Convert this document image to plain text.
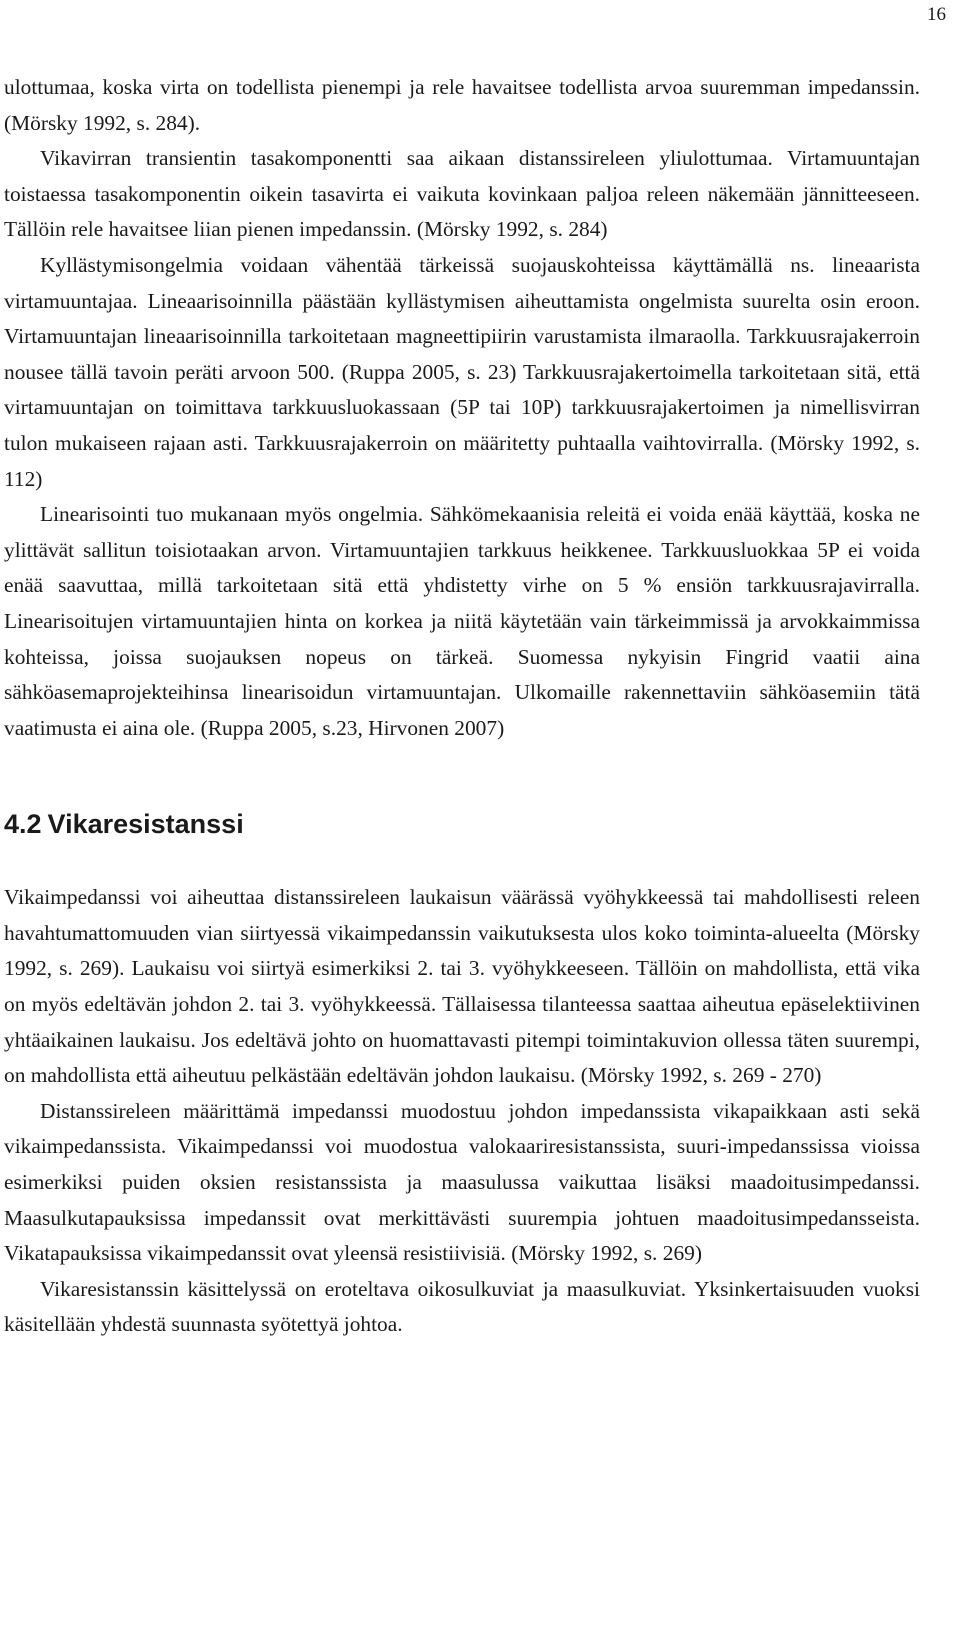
16

ulottumaa, koska virta on todellista pienempi ja rele havaitsee todellista arvoa suuremman impedanssin. (Mörsky 1992, s. 284).

Vikavirran transientin tasakomponentti saa aikaan distanssireleen yliulottumaa. Virtamuuntajan toistaessa tasakomponentin oikein tasavirta ei vaikuta kovinkaan paljoa releen näkemään jännitteeseen. Tällöin rele havaitsee liian pienen impedanssin. (Mörsky 1992, s. 284)

Kyllästymisongelmia voidaan vähentää tärkeissä suojauskohteissa käyttämällä ns. lineaarista virtamuuntajaa. Lineaarisoinnilla päästään kyllästymisen aiheuttamista ongelmista suurelta osin eroon. Virtamuuntajan lineaarisoinnilla tarkoitetaan magneettipiirin varustamista ilmaraolla. Tarkkuusrajakerroin nousee tällä tavoin peräti arvoon 500. (Ruppa 2005, s. 23) Tarkkuusrajakertoimella tarkoitetaan sitä, että virtamuuntajan on toimittava tarkkuusluokassaan (5P tai 10P) tarkkuusrajakertoimen ja nimellisvirran tulon mukaiseen rajaan asti. Tarkkuusrajakerroin on määritetty puhtaalla vaihtovirralla. (Mörsky 1992, s. 112)

Linearisointi tuo mukanaan myös ongelmia. Sähkömekaanisia releitä ei voida enää käyttää, koska ne ylittävät sallitun toisiotaakan arvon. Virtamuuntajien tarkkuus heikkenee. Tarkkuusluokkaa 5P ei voida enää saavuttaa, millä tarkoitetaan sitä että yhdistetty virhe on 5 % ensiön tarkkuusrajavirralla. Linearisoitujen virtamuuntajien hinta on korkea ja niitä käytetään vain tärkeimmissä ja arvokkaimmissa kohteissa, joissa suojauksen nopeus on tärkeä. Suomessa nykyisin Fingrid vaatii aina sähköasemaprojekteihinsa linearisoidun virtamuuntajan. Ulkomaille rakennettaviin sähköasemiin tätä vaatimusta ei aina ole. (Ruppa 2005, s.23, Hirvonen 2007)

4.2 Vikaresistanssi

Vikaimpedanssi voi aiheuttaa distanssireleen laukaisun väärässä vyöhykkeessä tai mahdollisesti releen havahtumattomuuden vian siirtyessä vikaimpedanssin vaikutuksesta ulos koko toiminta-alueelta (Mörsky 1992, s. 269). Laukaisu voi siirtyä esimerkiksi 2. tai 3. vyöhykkeeseen. Tällöin on mahdollista, että vika on myös edeltävän johdon 2. tai 3. vyöhykkeessä. Tällaisessa tilanteessa saattaa aiheutua epäselektiivinen yhtäaikainen laukaisu. Jos edeltävä johto on huomattavasti pitempi toimintakuvion ollessa täten suurempi, on mahdollista että aiheutuu pelkästään edeltävän johdon laukaisu. (Mörsky 1992, s. 269 - 270)

Distanssireleen määrittämä impedanssi muodostuu johdon impedanssista vikapaikkaan asti sekä vikaimpedanssista. Vikaimpedanssi voi muodostua valokaariresistanssista, suuri-impedanssissa vioissa esimerkiksi puiden oksien resistanssista ja maasulussa vaikuttaa lisäksi maadoitusimpedanssi. Maasulkutapauksissa impedanssit ovat merkittävästi suurempia johtuen maadoitusimpedansseista. Vikatapauksissa vikaimpedanssit ovat yleensä resistiivisiä. (Mörsky 1992, s. 269)

Vikaresistanssin käsittelyssä on eroteltava oikosulkuviat ja maasulkuviat. Yksinkertaisuuden vuoksi käsitellään yhdestä suunnasta syötettyä johtoa.
